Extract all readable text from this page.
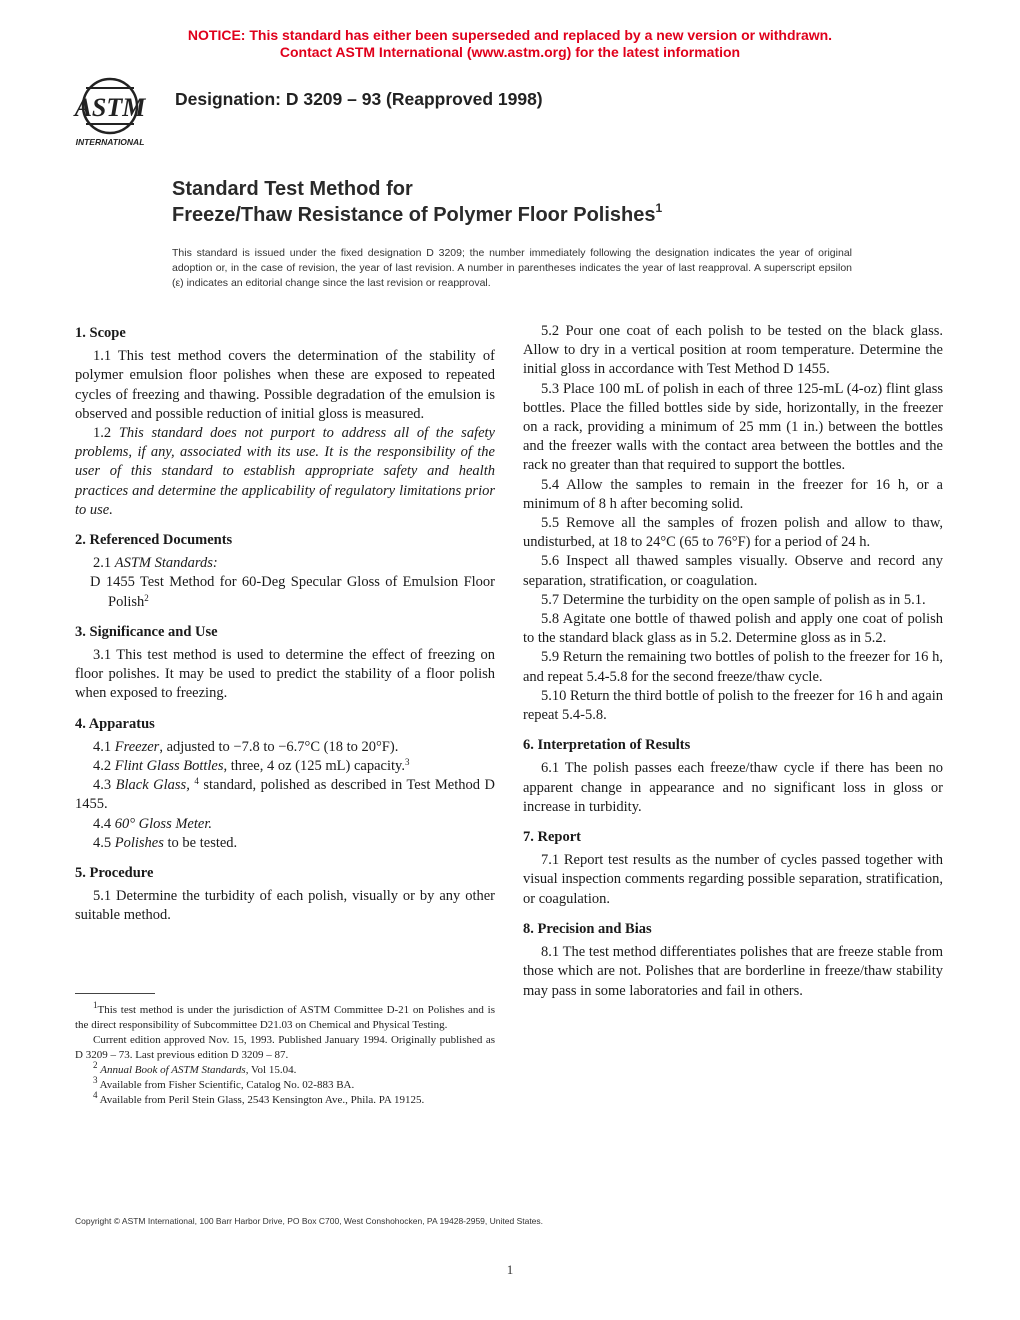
NOTICE: This standard has either been superseded and replaced by a new version or withdrawn.
Contact ASTM International (www.astm.org) for the latest information
ASTM
INTERNATIONAL
Designation: D 3209 – 93 (Reapproved 1998)
Standard Test Method for
Freeze/Thaw Resistance of Polymer Floor Polishes$^1$
This standard is issued under the fixed designation D 3209; the number immediately following the designation indicates the year of original adoption or, in the case of revision, the year of last revision. A number in parentheses indicates the year of last reapproval. A superscript epsilon (ε) indicates an editorial change since the last revision or reapproval.
1. Scope
1.1 This test method covers the determination of the stability of polymer emulsion floor polishes when these are exposed to repeated cycles of freezing and thawing. Possible degradation of the emulsion is observed and possible reduction of initial gloss is measured.
1.2 This standard does not purport to address all of the safety problems, if any, associated with its use. It is the responsibility of the user of this standard to establish appropriate safety and health practices and determine the applicability of regulatory limitations prior to use.
2. Referenced Documents
2.1 ASTM Standards:
D 1455 Test Method for 60-Deg Specular Gloss of Emulsion Floor Polish$^2$
3. Significance and Use
3.1 This test method is used to determine the effect of freezing on floor polishes. It may be used to predict the stability of a floor polish when exposed to freezing.
4. Apparatus
4.1 Freezer, adjusted to −7.8 to −6.7°C (18 to 20°F).
4.2 Flint Glass Bottles, three, 4 oz (125 mL) capacity.$^3$
4.3 Black Glass, $^4$ standard, polished as described in Test Method D 1455.
4.4 60° Gloss Meter.
4.5 Polishes to be tested.
5. Procedure
5.1 Determine the turbidity of each polish, visually or by any other suitable method.
5.2 Pour one coat of each polish to be tested on the black glass. Allow to dry in a vertical position at room temperature. Determine the initial gloss in accordance with Test Method D 1455.
5.3 Place 100 mL of polish in each of three 125-mL (4-oz) flint glass bottles. Place the filled bottles side by side, horizontally, in the freezer on a rack, providing a minimum of 25 mm (1 in.) between the bottles and the freezer walls with the contact area between the bottles and the rack no greater than that required to support the bottles.
5.4 Allow the samples to remain in the freezer for 16 h, or a minimum of 8 h after becoming solid.
5.5 Remove all the samples of frozen polish and allow to thaw, undisturbed, at 18 to 24°C (65 to 76°F) for a period of 24 h.
5.6 Inspect all thawed samples visually. Observe and record any separation, stratification, or coagulation.
5.7 Determine the turbidity on the open sample of polish as in 5.1.
5.8 Agitate one bottle of thawed polish and apply one coat of polish to the standard black glass as in 5.2. Determine gloss as in 5.2.
5.9 Return the remaining two bottles of polish to the freezer for 16 h, and repeat 5.4-5.8 for the second freeze/thaw cycle.
5.10 Return the third bottle of polish to the freezer for 16 h and again repeat 5.4-5.8.
6. Interpretation of Results
6.1 The polish passes each freeze/thaw cycle if there has been no apparent change in appearance and no significant loss in gloss or increase in turbidity.
7. Report
7.1 Report test results as the number of cycles passed together with visual inspection comments regarding possible separation, stratification, or coagulation.
8. Precision and Bias
8.1 The test method differentiates polishes that are freeze stable from those which are not. Polishes that are borderline in freeze/thaw stability may pass in some laboratories and fail in others.
$^1$This test method is under the jurisdiction of ASTM Committee D-21 on Polishes and is the direct responsibility of Subcommittee D21.03 on Chemical and Physical Testing.
Current edition approved Nov. 15, 1993. Published January 1994. Originally published as D 3209 – 73. Last previous edition D 3209 – 87.
$^2$ Annual Book of ASTM Standards, Vol 15.04.
$^3$ Available from Fisher Scientific, Catalog No. 02-883 BA.
$^4$ Available from Peril Stein Glass, 2543 Kensington Ave., Phila. PA 19125.
Copyright © ASTM International, 100 Barr Harbor Drive, PO Box C700, West Conshohocken, PA 19428-2959, United States.
1
